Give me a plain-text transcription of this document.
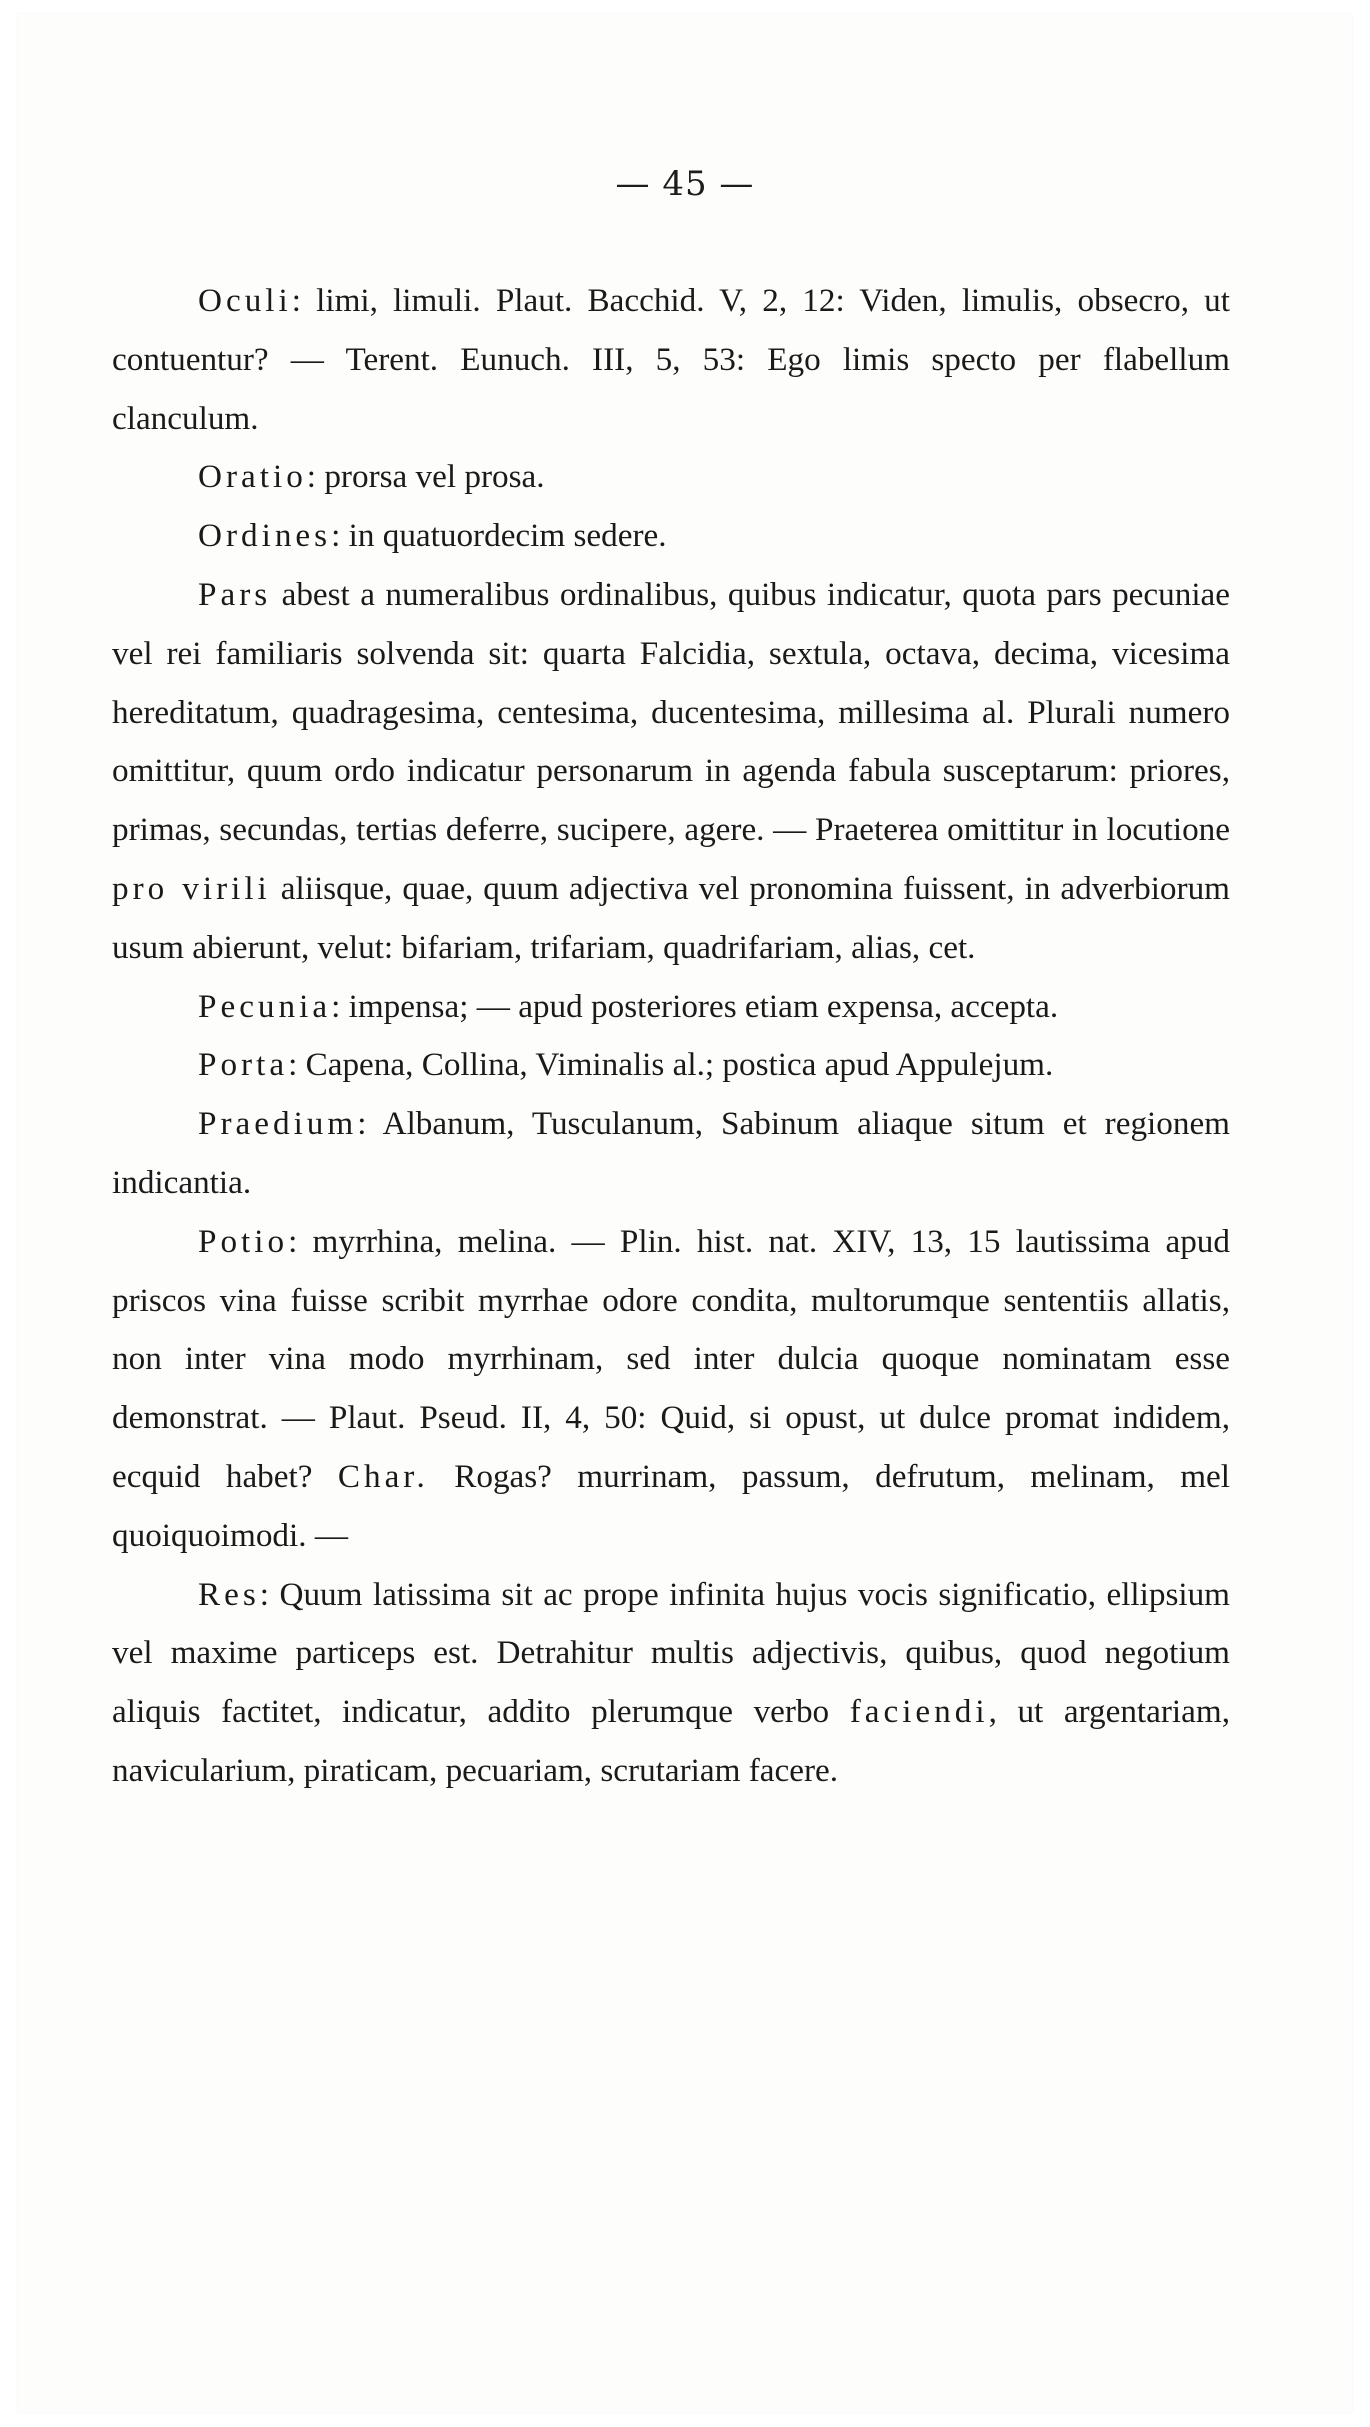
— 45 —

Oculi: limi, limuli. Plaut. Bacchid. V, 2, 12: Viden, limulis, obsecro, ut contuentur? — Terent. Eunuch. III, 5, 53: Ego limis specto per flabellum clanculum.

Oratio: prorsa vel prosa.

Ordines: in quatuordecim sedere.

Pars abest a numeralibus ordinalibus, quibus indicatur, quota pars pecuniae vel rei familiaris solvenda sit: quarta Falcidia, sextula, octava, decima, vicesima hereditatum, quadragesima, centesima, ducentesima, millesima al. Plurali numero omittitur, quum ordo indicatur personarum in agenda fabula susceptarum: priores, primas, secundas, tertias deferre, sucipere, agere. — Praeterea omittitur in locutione pro virili aliisque, quae, quum adjectiva vel pronomina fuissent, in adverbiorum usum abierunt, velut: bifariam, trifariam, quadrifariam, alias, cet.

Pecunia: impensa; — apud posteriores etiam expensa, accepta.

Porta: Capena, Collina, Viminalis al.; postica apud Appulejum.

Praedium: Albanum, Tusculanum, Sabinum aliaque situm et regionem indicantia.

Potio: myrrhina, melina. — Plin. hist. nat. XIV, 13, 15 lautissima apud priscos vina fuisse scribit myrrhae odore condita, multorumque sententiis allatis, non inter vina modo myrrhinam, sed inter dulcia quoque nominatam esse demonstrat. — Plaut. Pseud. II, 4, 50: Quid, si opust, ut dulce promat indidem, ecquid habet? Char. Rogas? murrinam, passum, defrutum, melinam, mel quoiquoimodi. —

Res: Quum latissima sit ac prope infinita hujus vocis significatio, ellipsium vel maxime particeps est. Detrahitur multis adjectivis, quibus, quod negotium aliquis factitet, indicatur, addito plerumque verbo faciendi, ut argentariam, navicularium, piraticam, pecuariam, scrutariam facere.
